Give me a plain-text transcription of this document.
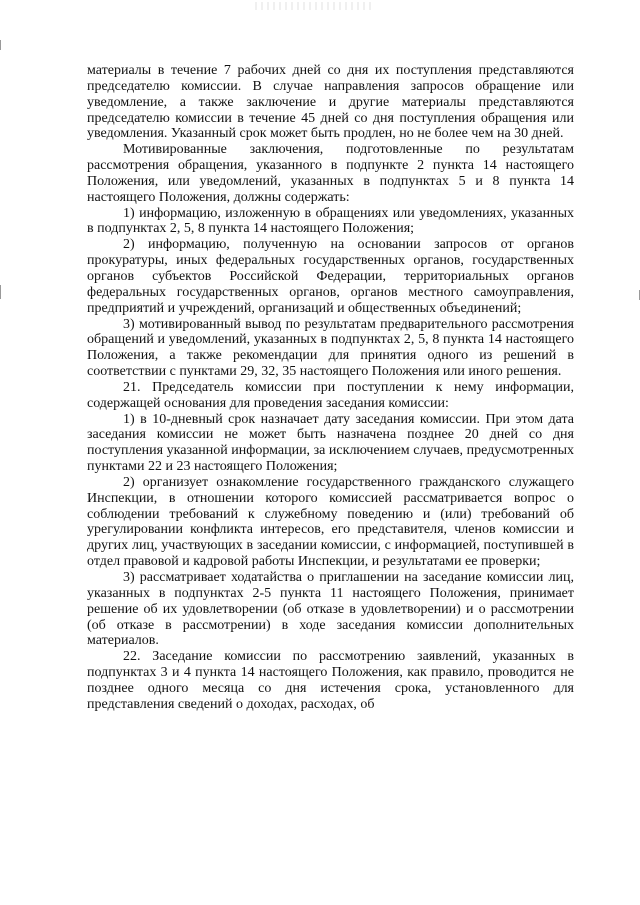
материалы в течение 7 рабочих дней со дня их поступления представляются председателю комиссии. В случае направления запросов обращение или уведомление, а также заключение и другие материалы представляются председателю комиссии в течение 45 дней со дня поступления обращения или уведомления. Указанный срок может быть продлен, но не более чем на 30 дней.

Мотивированные заключения, подготовленные по результатам рассмотрения обращения, указанного в подпункте 2 пункта 14 настоящего Положения, или уведомлений, указанных в подпунктах 5 и 8 пункта 14 настоящего Положения, должны содержать:

1) информацию, изложенную в обращениях или уведомлениях, указанных в подпунктах 2, 5, 8 пункта 14 настоящего Положения;

2) информацию, полученную на основании запросов от органов прокуратуры, иных федеральных государственных органов, государственных органов субъектов Российской Федерации, территориальных органов федеральных государственных органов, органов местного самоуправления, предприятий и учреждений, организаций и общественных объединений;

3) мотивированный вывод по результатам предварительного рассмотрения обращений и уведомлений, указанных в подпунктах 2, 5, 8 пункта 14 настоящего Положения, а также рекомендации для принятия одного из решений в соответствии с пунктами 29, 32, 35 настоящего Положения или иного решения.

21. Председатель комиссии при поступлении к нему информации, содержащей основания для проведения заседания комиссии:

1) в 10-дневный срок назначает дату заседания комиссии. При этом дата заседания комиссии не может быть назначена позднее 20 дней со дня поступления указанной информации, за исключением случаев, предусмотренных пунктами 22 и 23 настоящего Положения;

2) организует ознакомление государственного гражданского служащего Инспекции, в отношении которого комиссией рассматривается вопрос о соблюдении требований к служебному поведению и (или) требований об урегулировании конфликта интересов, его представителя, членов комиссии и других лиц, участвующих в заседании комиссии, с информацией, поступившей в отдел правовой и кадровой работы Инспекции, и результатами ее проверки;

3) рассматривает ходатайства о приглашении на заседание комиссии лиц, указанных в подпунктах 2-5 пункта 11 настоящего Положения, принимает решение об их удовлетворении (об отказе в удовлетворении) и о рассмотрении (об отказе в рассмотрении) в ходе заседания комиссии дополнительных материалов.

22. Заседание комиссии по рассмотрению заявлений, указанных в подпунктах 3 и 4 пункта 14 настоящего Положения, как правило, проводится не позднее одного месяца со дня истечения срока, установленного для представления сведений о доходах, расходах, об
